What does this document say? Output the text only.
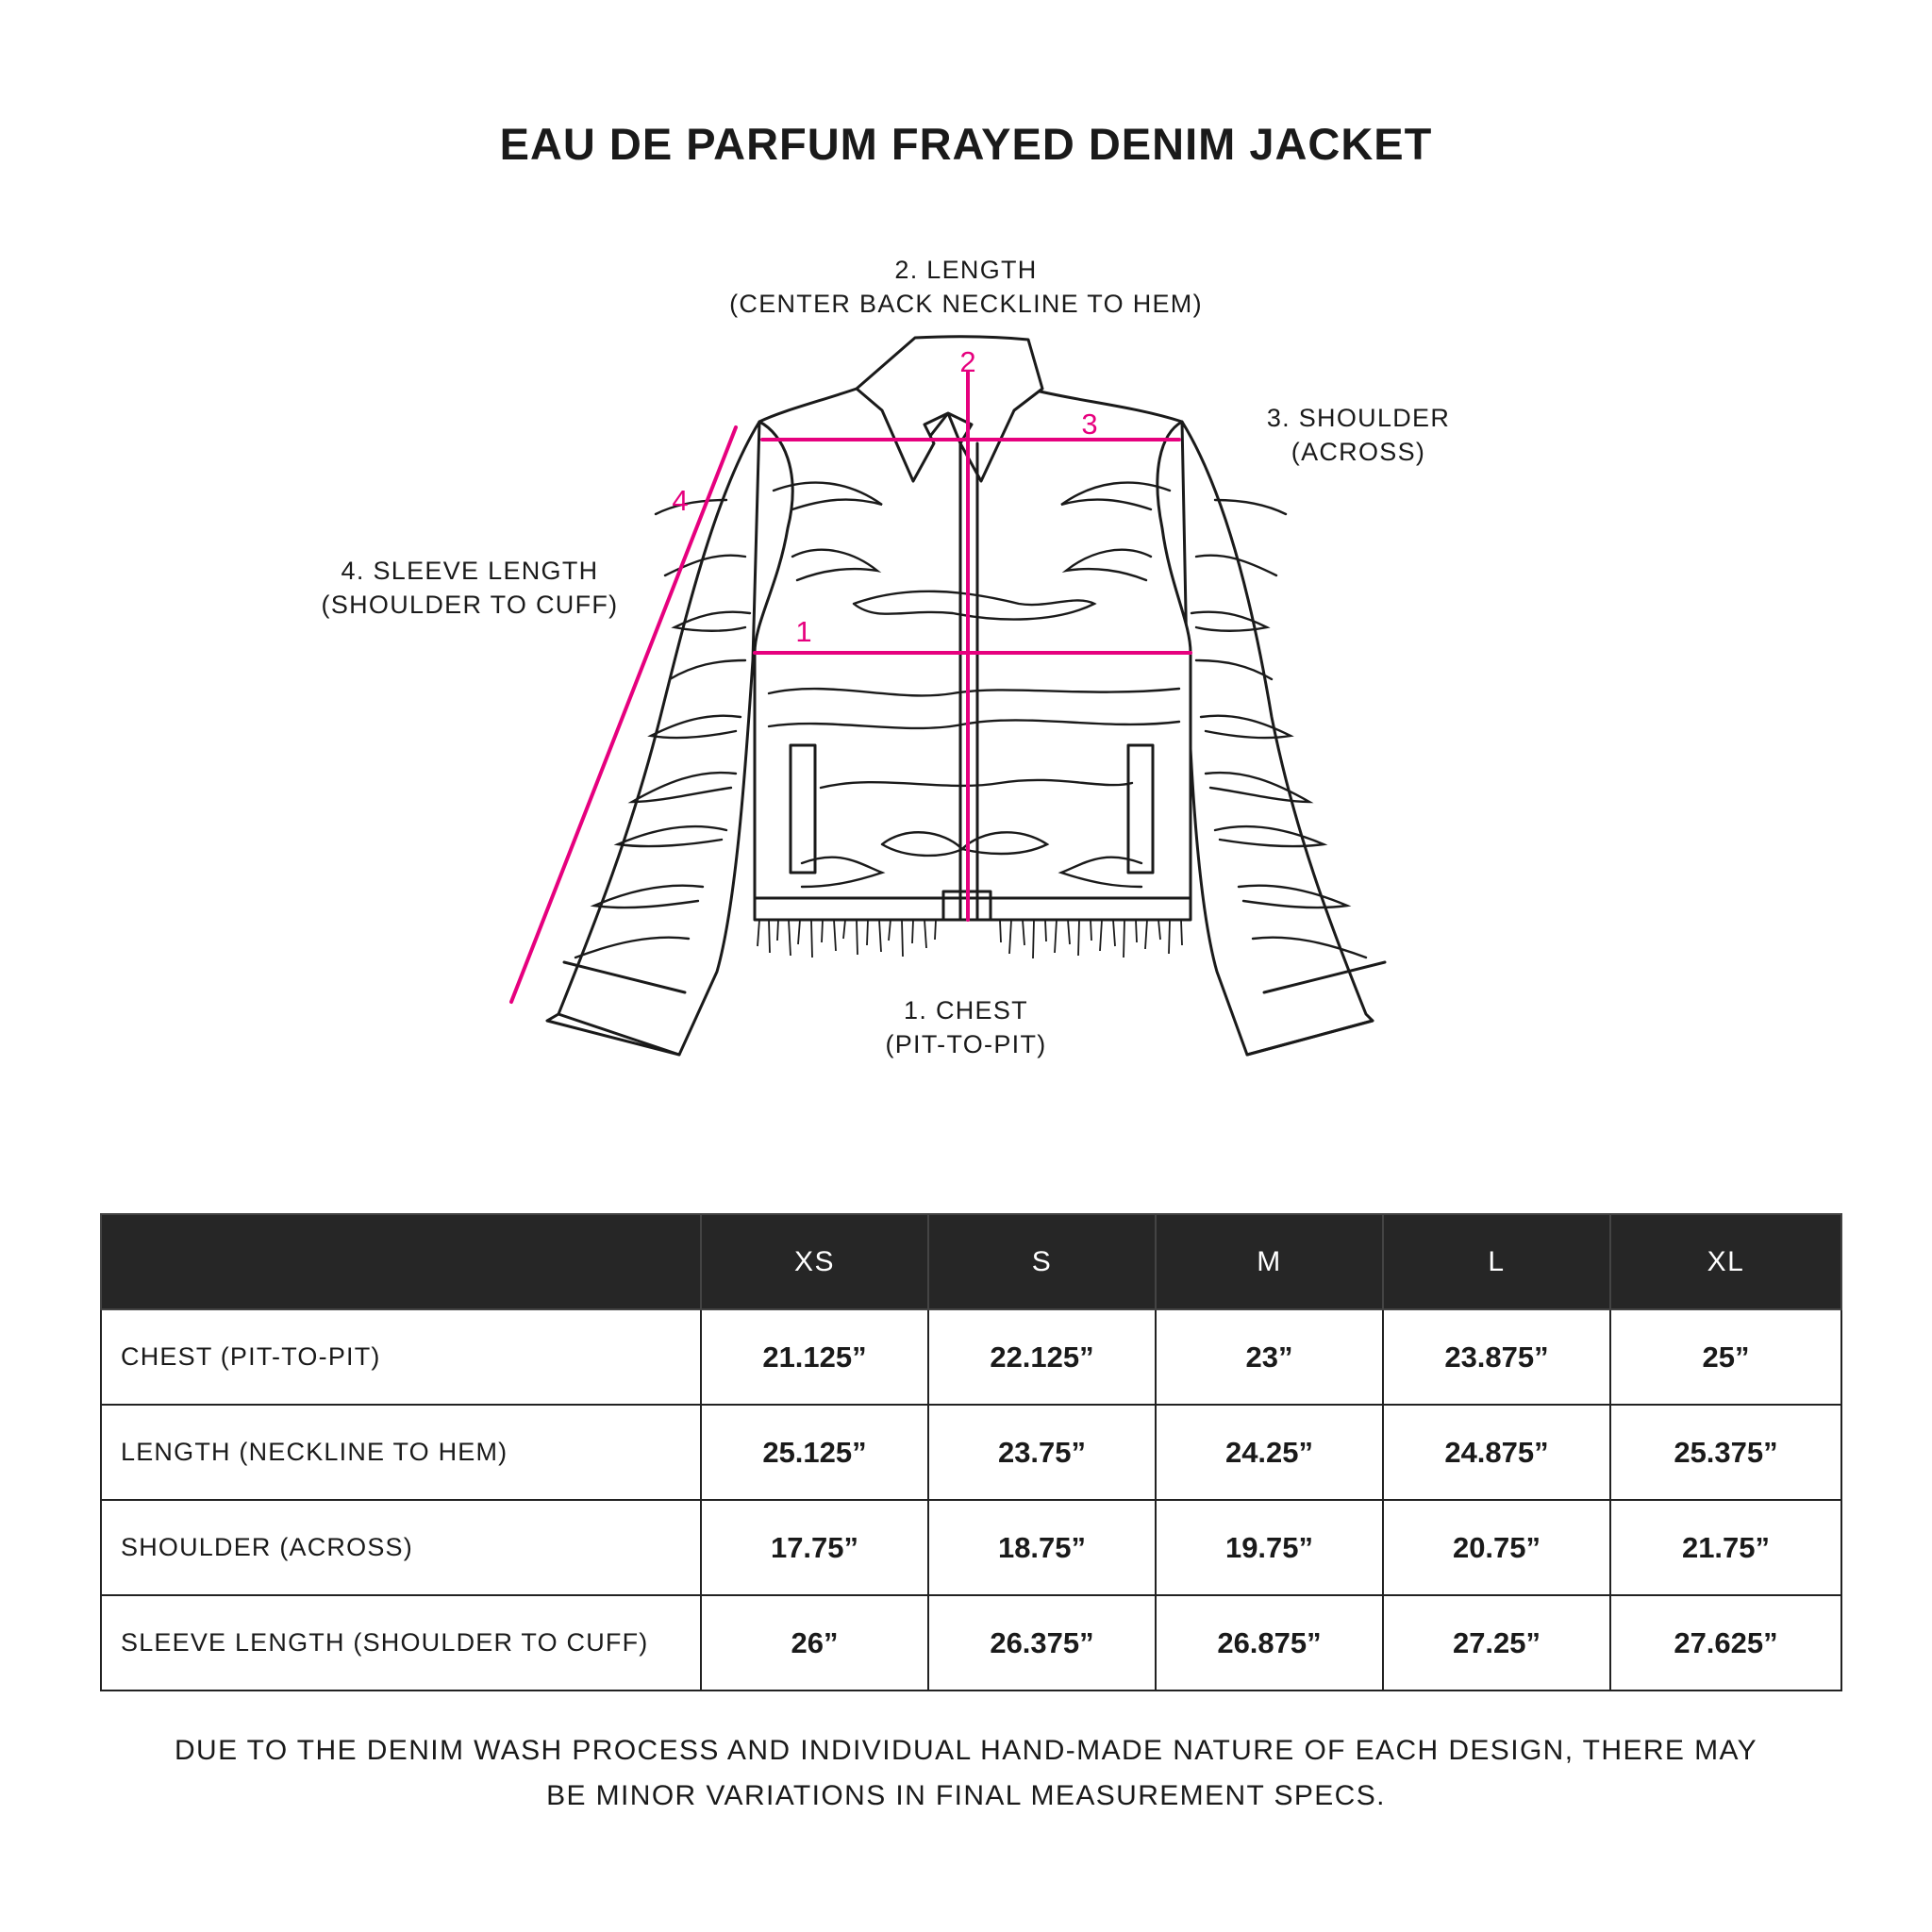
EAU DE PARFUM FRAYED DENIM JACKET
2. LENGTH
(CENTER BACK NECKLINE TO HEM)
3. SHOULDER
(ACROSS)
4. SLEEVE LENGTH
(SHOULDER TO CUFF)
1. CHEST
(PIT-TO-PIT)
1
2
3
4
	XS	S	M	L	XL
CHEST (PIT-TO-PIT)	21.125”	22.125”	23”	23.875”	25”
LENGTH (NECKLINE TO HEM)	25.125”	23.75”	24.25”	24.875”	25.375”
SHOULDER (ACROSS)	17.75”	18.75”	19.75”	20.75”	21.75”
SLEEVE LENGTH (SHOULDER TO CUFF)	26”	26.375”	26.875”	27.25”	27.625”
DUE TO THE DENIM WASH PROCESS AND INDIVIDUAL HAND-MADE NATURE OF EACH DESIGN, THERE MAY
BE MINOR VARIATIONS IN FINAL MEASUREMENT SPECS.
